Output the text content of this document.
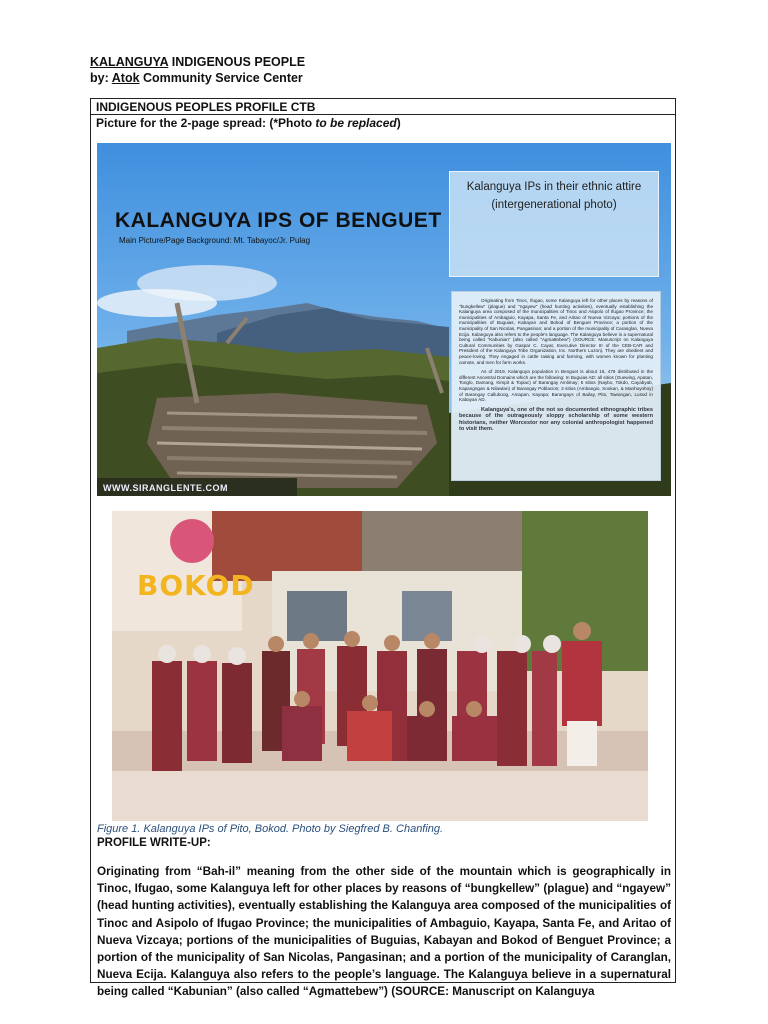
KALANGUYA INDIGENOUS PEOPLE
by: Atok Community Service Center
INDIGENOUS PEOPLES PROFILE CTB
Picture for the 2-page spread: (*Photo to be replaced)
KALANGUYA IPS OF BENGUET
Main Picture/Page Background: Mt. Tabayoc/Jr. Pulag
Kalanguya IPs in their ethnic attire
(intergenerational photo)

Originating from Tinoc, Ifugao, some Kalanguya left for other places by reasons of "bungkellew" (plague) and "ngayew" (head hunting activities), eventually establishing the Kalanguya area composed of the municipalities of Tinoc and Asipolo of Ifugao Province; the municipalities of Ambaguio, Kayapa, Santa Fe, and Aritao of Nueva Vizcaya; portions of the municipalities of Buguias, Kabayan and Bokod of Benguet Province; a portion of the municipality of San Nicolas, Pangasinan; and a portion of the municipality of Caranglan, Nueva Ecija. Kalanguya also refers to the people's language. The Kalanguya believe in a supernatural being called "Kabunian" (also called "Agmattebew") (SOURCE: Manuscript on Kalanguya Cultural Communities by Gaspar C. Cayat, Executive Director III of the CEB-CAR and President of the Kalanguya Tribe Organization, Inc. Northern Luzon). They are obedient and peace-loving. They engaged in cattle raising and farming, with women known for planting camote, and men for farm works.

As of 2019, Kalanguya population in Benguet is about 16, 479 distributed in the different Ancestral Domains which are the following: In Buguias AD: all sitios (Guewing, Apatan, Tonglo, Damang, Kimpit & Topiac) of Barangay Amlimay; 5 sitios (Naybo, Tokdo, Cayabyab, Kapangngan & Nilawlan) of Barangay Poblacion; 3 sitios (Ambangio, Sookan, & Manhoyohoy) of Barangay Calluboog, Amapan, Kayapa; Barangays of Bailay, Pito, Tawangan, Lusod in Kabayan AD.

Kalanguya's, one of the not so documented ethnographic tribes because of the outrageously sloppy scholarship of some western historians, neither Worcestor nor any colonial anthropologist happened to visit them.

WWW.SIRANGLENTE.COM
BOKOD
Figure 1. Kalanguya IPs of Pito, Bokod. Photo by Siegfred B. Chanfing.
PROFILE WRITE-UP:
Originating from “Bah-il” meaning from the other side of the mountain which is geographically in Tinoc, Ifugao, some Kalanguya left for other places by reasons of “bungkellew” (plague) and “ngayew” (head hunting activities), eventually establishing the Kalanguya area composed of the municipalities of Tinoc and Asipolo of Ifugao Province; the municipalities of Ambaguio, Kayapa, Santa Fe, and Aritao of Nueva Vizcaya; portions of the municipalities of Buguias, Kabayan and Bokod of Benguet Province; a portion of the municipality of San Nicolas, Pangasinan; and a portion of the municipality of Caranglan, Nueva Ecija. Kalanguya also refers to the people’s language. The Kalanguya believe in a supernatural being called “Kabunian” (also called “Agmattebew”) (SOURCE: Manuscript on Kalanguya
